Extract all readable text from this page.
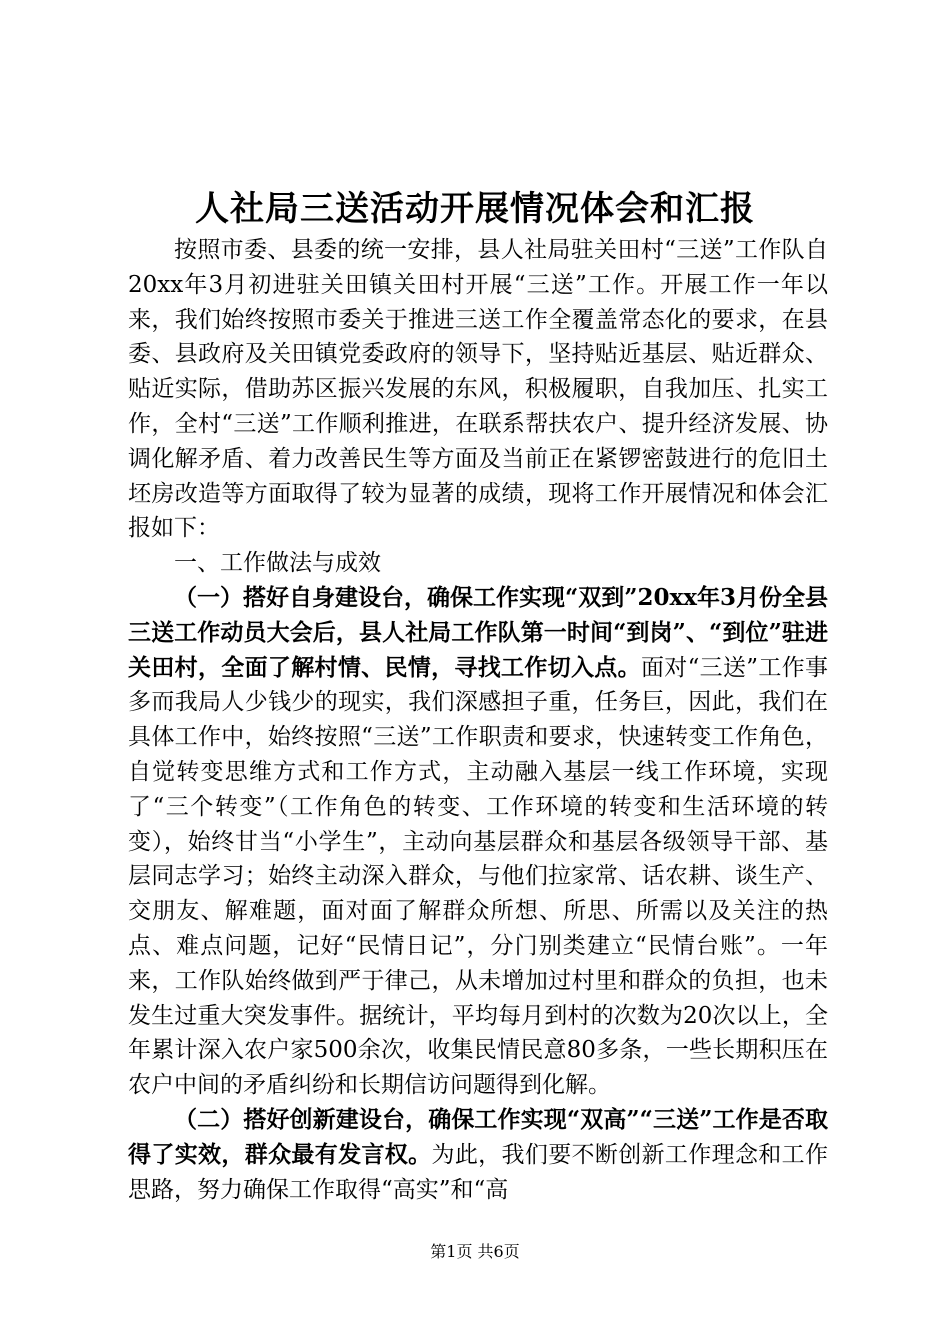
人社局三送活动开展情况体会和汇报

按照市委、县委的统一安排，县人社局驻关田村“三送”工作队自20xx年3月初进驻关田镇关田村开展“三送”工作。开展工作一年以来，我们始终按照市委关于推进三送工作全覆盖常态化的要求，在县委、县政府及关田镇党委政府的领导下，坚持贴近基层、贴近群众、贴近实际，借助苏区振兴发展的东风，积极履职，自我加压、扎实工作，全村“三送”工作顺利推进，在联系帮扶农户、提升经济发展、协调化解矛盾、着力改善民生等方面及当前正在紧锣密鼓进行的危旧土坯房改造等方面取得了较为显著的成绩，现将工作开展情况和体会汇报如下：

一、工作做法与成效

（一）搭好自身建设台，确保工作实现“双到”20xx年3月份全县三送工作动员大会后，县人社局工作队第一时间“到岗”、“到位”驻进关田村，全面了解村情、民情，寻找工作切入点。面对“三送”工作事多而我局人少钱少的现实，我们深感担子重，任务巨，因此，我们在具体工作中，始终按照“三送”工作职责和要求，快速转变工作角色，自觉转变思维方式和工作方式，主动融入基层一线工作环境，实现了“三个转变”（工作角色的转变、工作环境的转变和生活环境的转变），始终甘当“小学生”，主动向基层群众和基层各级领导干部、基层同志学习；始终主动深入群众，与他们拉家常、话农耕、谈生产、交朋友、解难题，面对面了解群众所想、所思、所需以及关注的热点、难点问题，记好“民情日记”，分门别类建立“民情台账”。一年来，工作队始终做到严于律己，从未增加过村里和群众的负担，也未发生过重大突发事件。据统计，平均每月到村的次数为20次以上，全年累计深入农户家500余次，收集民情民意80多条，一些长期积压在农户中间的矛盾纠纷和长期信访问题得到化解。

（二）搭好创新建设台，确保工作实现“双高”“三送”工作是否取得了实效，群众最有发言权。为此，我们要不断创新工作理念和工作思路，努力确保工作取得“高实”和“高

第1页 共6页
